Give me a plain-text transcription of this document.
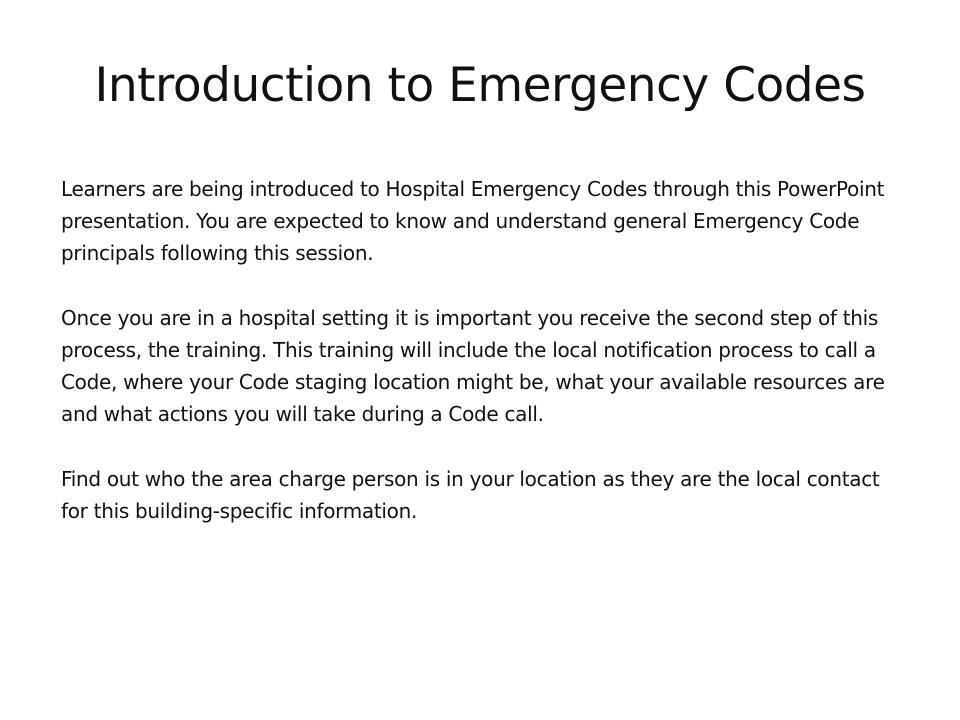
Introduction to Emergency Codes

Learners are being introduced to Hospital Emergency Codes through this PowerPoint presentation. You are expected to know and understand general Emergency Code principals following this session.

Once you are in a hospital setting it is important you receive the second step of this process, the training. This training will include the local notification process to call a Code, where your Code staging location might be, what your available resources are and what actions you will take during a Code call.

Find out who the area charge person is in your location as they are the local contact for this building-specific information.
